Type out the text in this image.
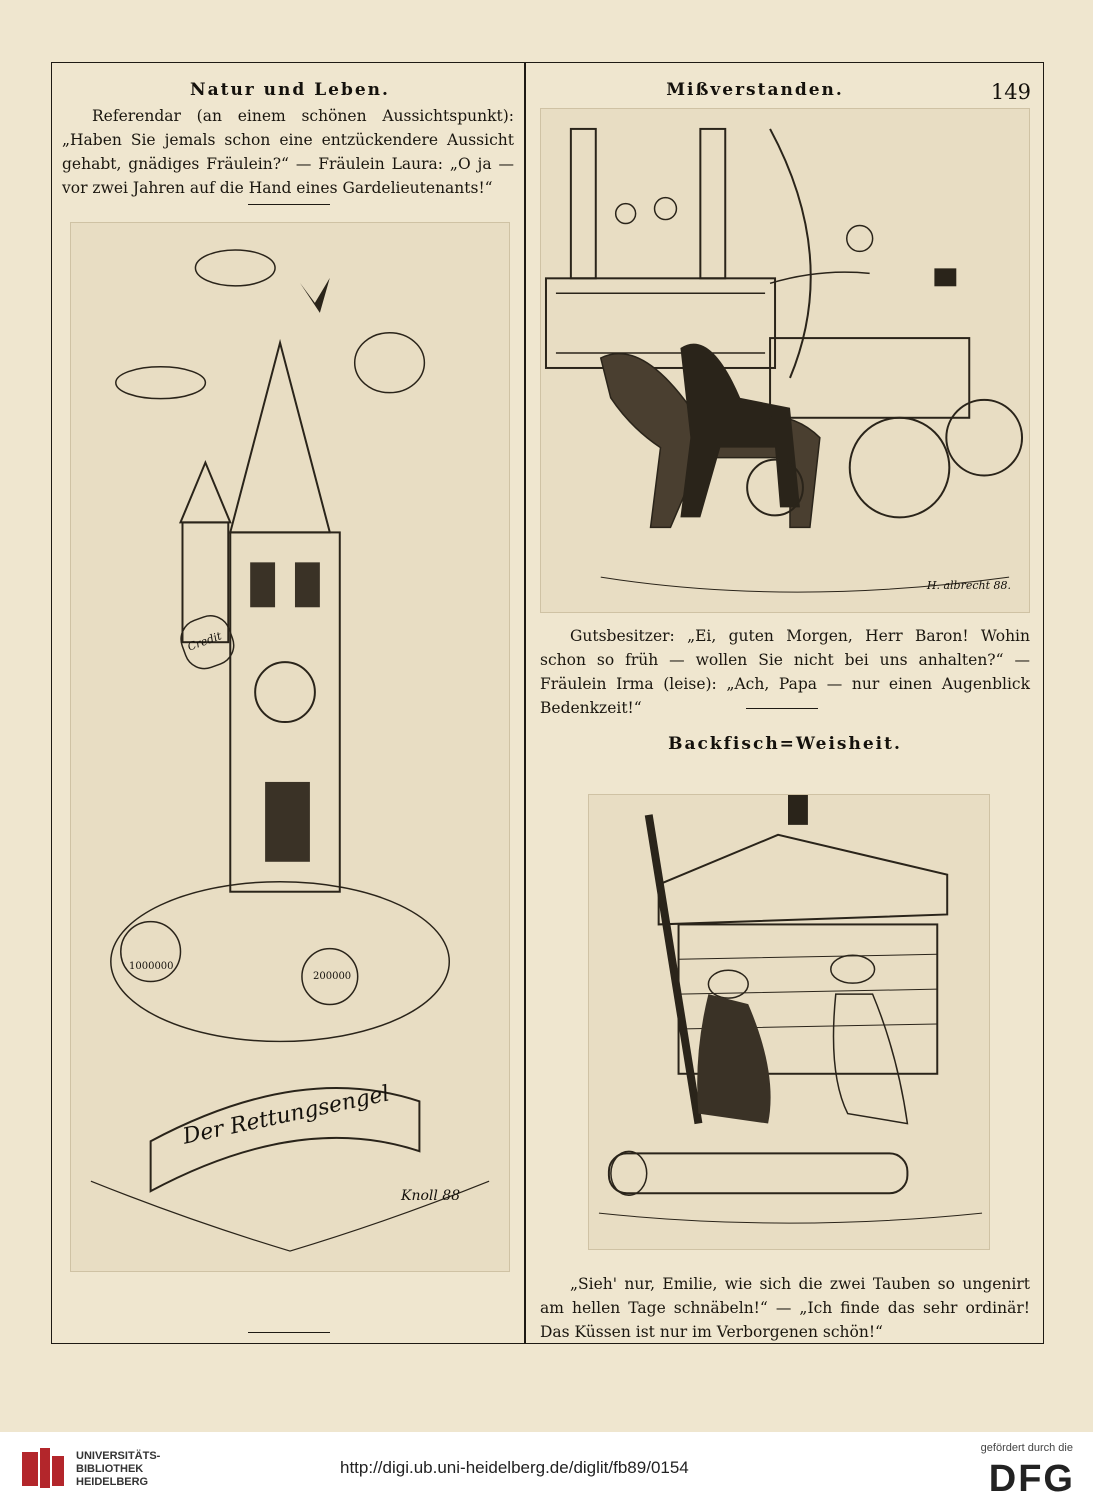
Natur und Leben.

Referendar (an einem schönen Aussichtspunkt): „Haben Sie jemals schon eine entzückendere Aussicht gehabt, gnädiges Fräulein?“ — Fräulein Laura: „O ja — vor zwei Jahren auf die Hand eines Gardelieutenants!“

Der Rettungsengel
Credit
1000000
200000
Knoll 88
Mißverstanden.	149
H. albrecht 88.

Gutsbesitzer: „Ei, guten Morgen, Herr Baron! Wohin schon so früh — wollen Sie nicht bei uns anhalten?“ — Fräulein Irma (leise): „Ach, Papa — nur einen Augenblick Bedenkzeit!“

Backfisch=Weisheit.

„Sieh' nur, Emilie, wie sich die zwei Tauben so ungenirt am hellen Tage schnäbeln!“ — „Ich finde das sehr ordinär! Das Küssen ist nur im Verborgenen schön!“

UNIVERSITÄTS-
BIBLIOTHEK
HEIDELBERG
http://digi.ub.uni-heidelberg.de/diglit/fb89/0154
gefördert durch die
DFG
